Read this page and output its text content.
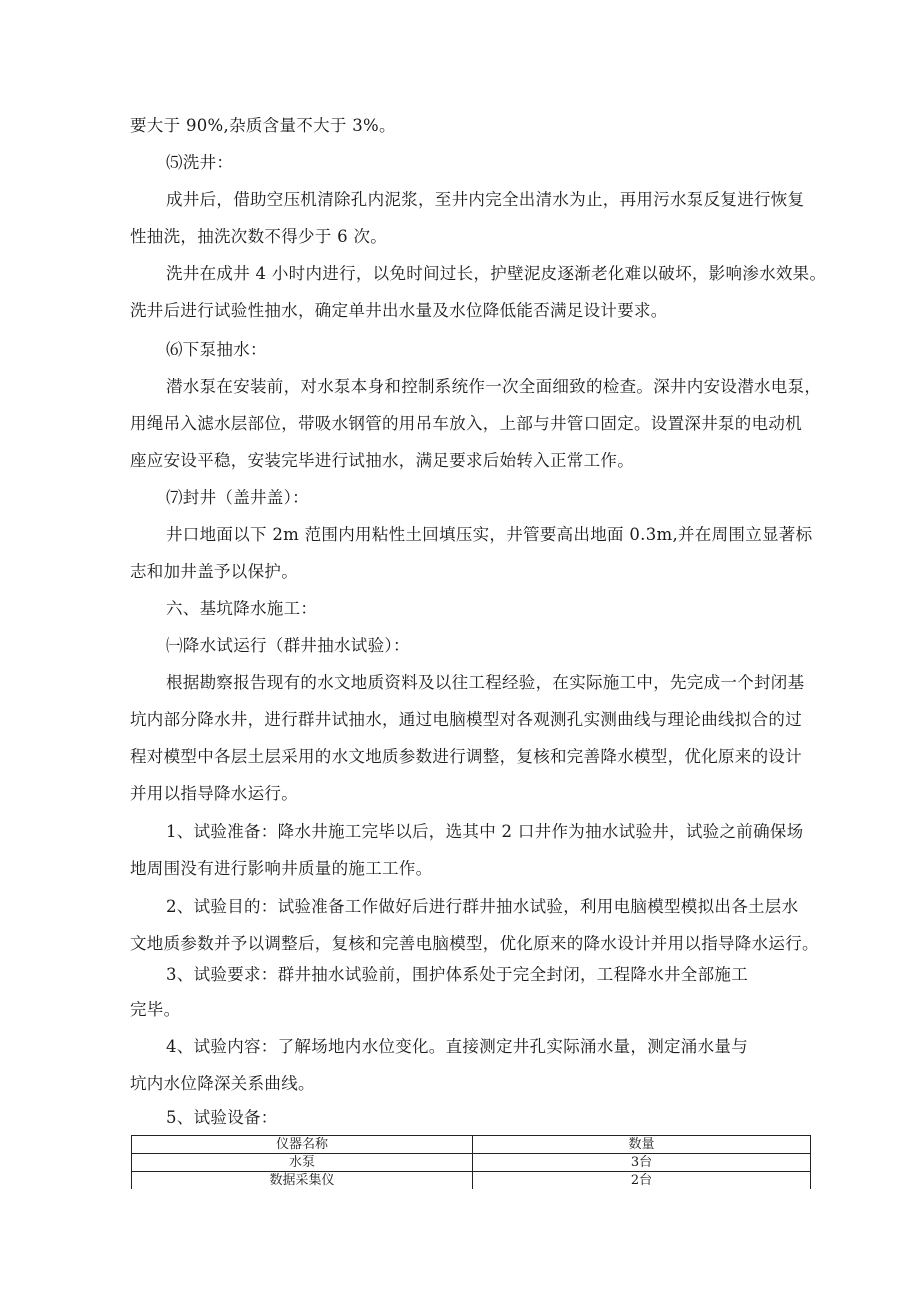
要大于 90%,杂质含量不大于 3%。
⑸洗井：
成井后，借助空压机清除孔内泥浆，至井内完全出清水为止，再用污水泵反复进行恢复
性抽洗，抽洗次数不得少于 6 次。
洗井在成井 4 小时内进行，以免时间过长，护壁泥皮逐渐老化难以破坏，影响渗水效果。
洗井后进行试验性抽水，确定单井出水量及水位降低能否满足设计要求。
⑹下泵抽水：
潜水泵在安装前，对水泵本身和控制系统作一次全面细致的检查。深井内安设潜水电泵，
用绳吊入滤水层部位，带吸水钢管的用吊车放入，上部与井管口固定。设置深井泵的电动机
座应安设平稳，安装完毕进行试抽水，满足要求后始转入正常工作。
⑺封井（盖井盖）：
井口地面以下 2m 范围内用粘性土回填压实，井管要高出地面 0.3m,并在周围立显著标
志和加井盖予以保护。
六、基坑降水施工：
㈠降水试运行（群井抽水试验）：
根据勘察报告现有的水文地质资料及以往工程经验，在实际施工中，先完成一个封闭基
坑内部分降水井，进行群井试抽水，通过电脑模型对各观测孔实测曲线与理论曲线拟合的过
程对模型中各层土层采用的水文地质参数进行调整，复核和完善降水模型，优化原来的设计
并用以指导降水运行。
1、试验准备：降水井施工完毕以后，选其中 2 口井作为抽水试验井，试验之前确保场
地周围没有进行影响井质量的施工工作。
2、试验目的：试验准备工作做好后进行群井抽水试验，利用电脑模型模拟出各土层水
文地质参数并予以调整后，复核和完善电脑模型，优化原来的降水设计并用以指导降水运行。
3、试验要求：群井抽水试验前，围护体系处于完全封闭，工程降水井全部施工
完毕。
4、试验内容：了解场地内水位变化。直接测定井孔实际涌水量，测定涌水量与
坑内水位降深关系曲线。
5、试验设备：
仪器名称	数量
水泵	3台
数据采集仪	2台
